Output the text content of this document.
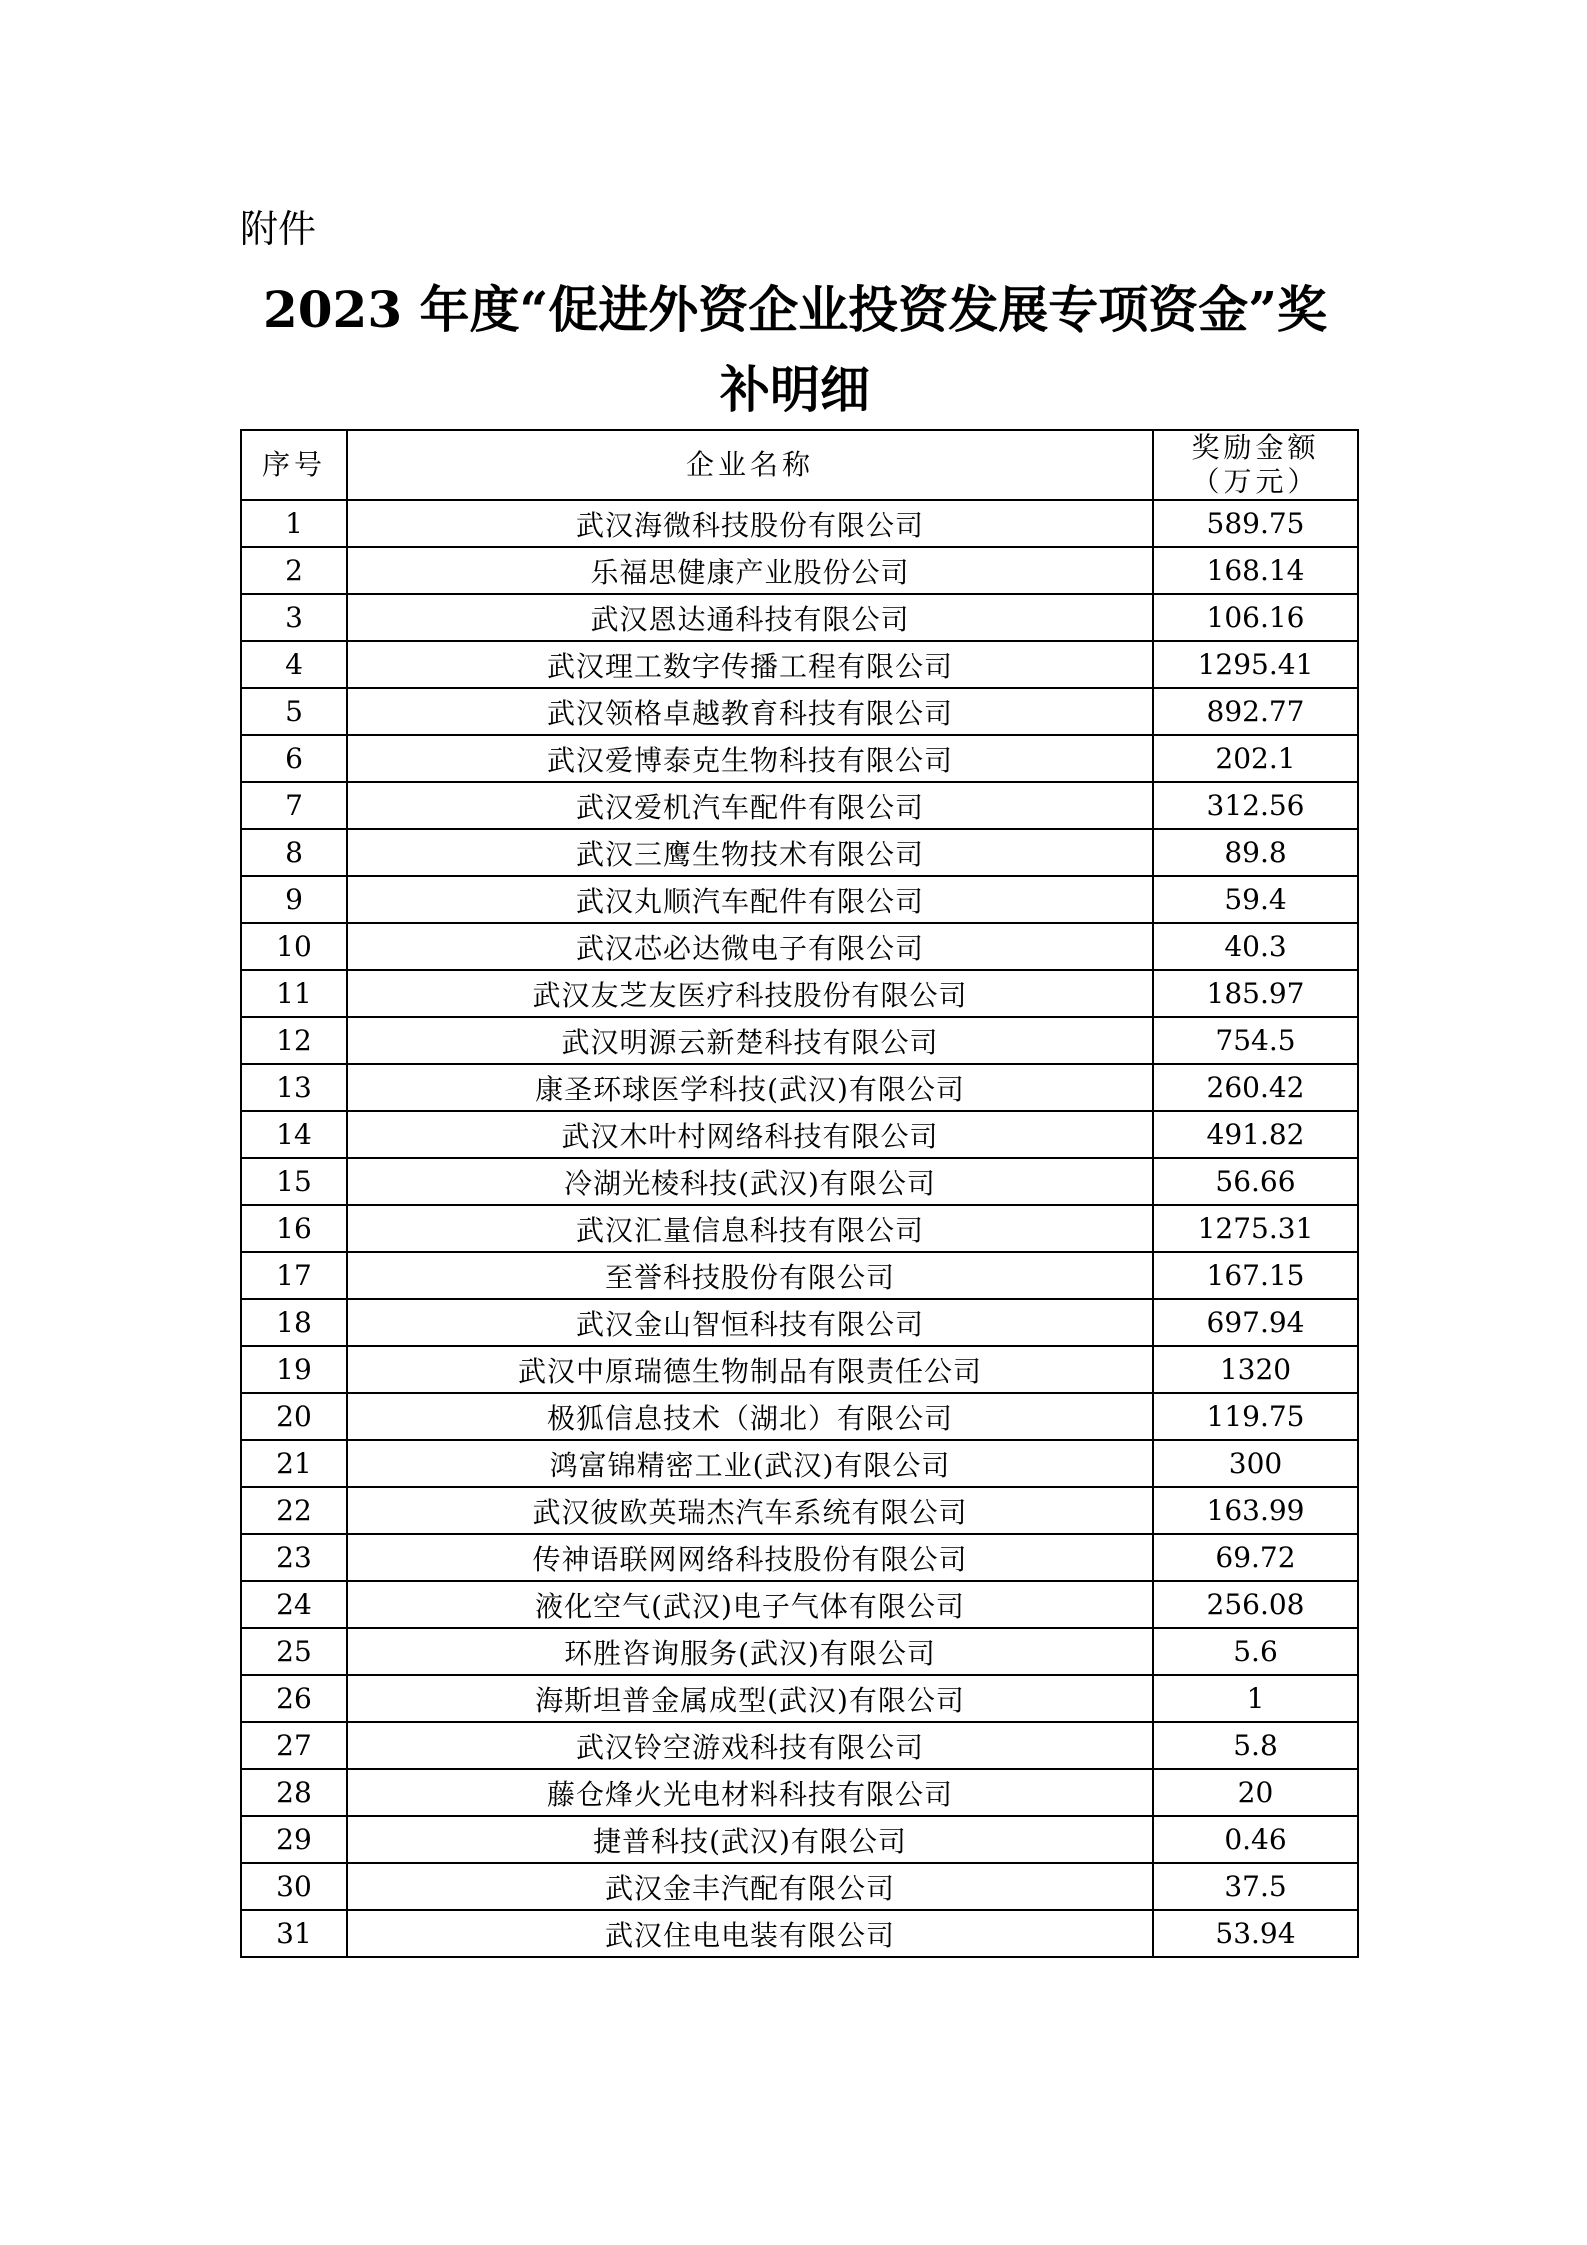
附件
2023 年度“促进外资企业投资发展专项资金”奖
补明细
序号	企业名称	奖励金额
（万元）

1	武汉海微科技股份有限公司	589.75
2	乐福思健康产业股份公司	168.14
3	武汉恩达通科技有限公司	106.16
4	武汉理工数字传播工程有限公司	1295.41
5	武汉领格卓越教育科技有限公司	892.77
6	武汉爱博泰克生物科技有限公司	202.1
7	武汉爱机汽车配件有限公司	312.56
8	武汉三鹰生物技术有限公司	89.8
9	武汉丸顺汽车配件有限公司	59.4
10	武汉芯必达微电子有限公司	40.3
11	武汉友芝友医疗科技股份有限公司	185.97
12	武汉明源云新楚科技有限公司	754.5
13	康圣环球医学科技(武汉)有限公司	260.42
14	武汉木叶村网络科技有限公司	491.82
15	冷湖光棱科技(武汉)有限公司	56.66
16	武汉汇量信息科技有限公司	1275.31
17	至誉科技股份有限公司	167.15
18	武汉金山智恒科技有限公司	697.94
19	武汉中原瑞德生物制品有限责任公司	1320
20	极狐信息技术（湖北）有限公司	119.75
21	鸿富锦精密工业(武汉)有限公司	300
22	武汉彼欧英瑞杰汽车系统有限公司	163.99
23	传神语联网网络科技股份有限公司	69.72
24	液化空气(武汉)电子气体有限公司	256.08
25	环胜咨询服务(武汉)有限公司	5.6
26	海斯坦普金属成型(武汉)有限公司	1
27	武汉铃空游戏科技有限公司	5.8
28	藤仓烽火光电材料科技有限公司	20
29	捷普科技(武汉)有限公司	0.46
30	武汉金丰汽配有限公司	37.5
31	武汉住电电装有限公司	53.94
